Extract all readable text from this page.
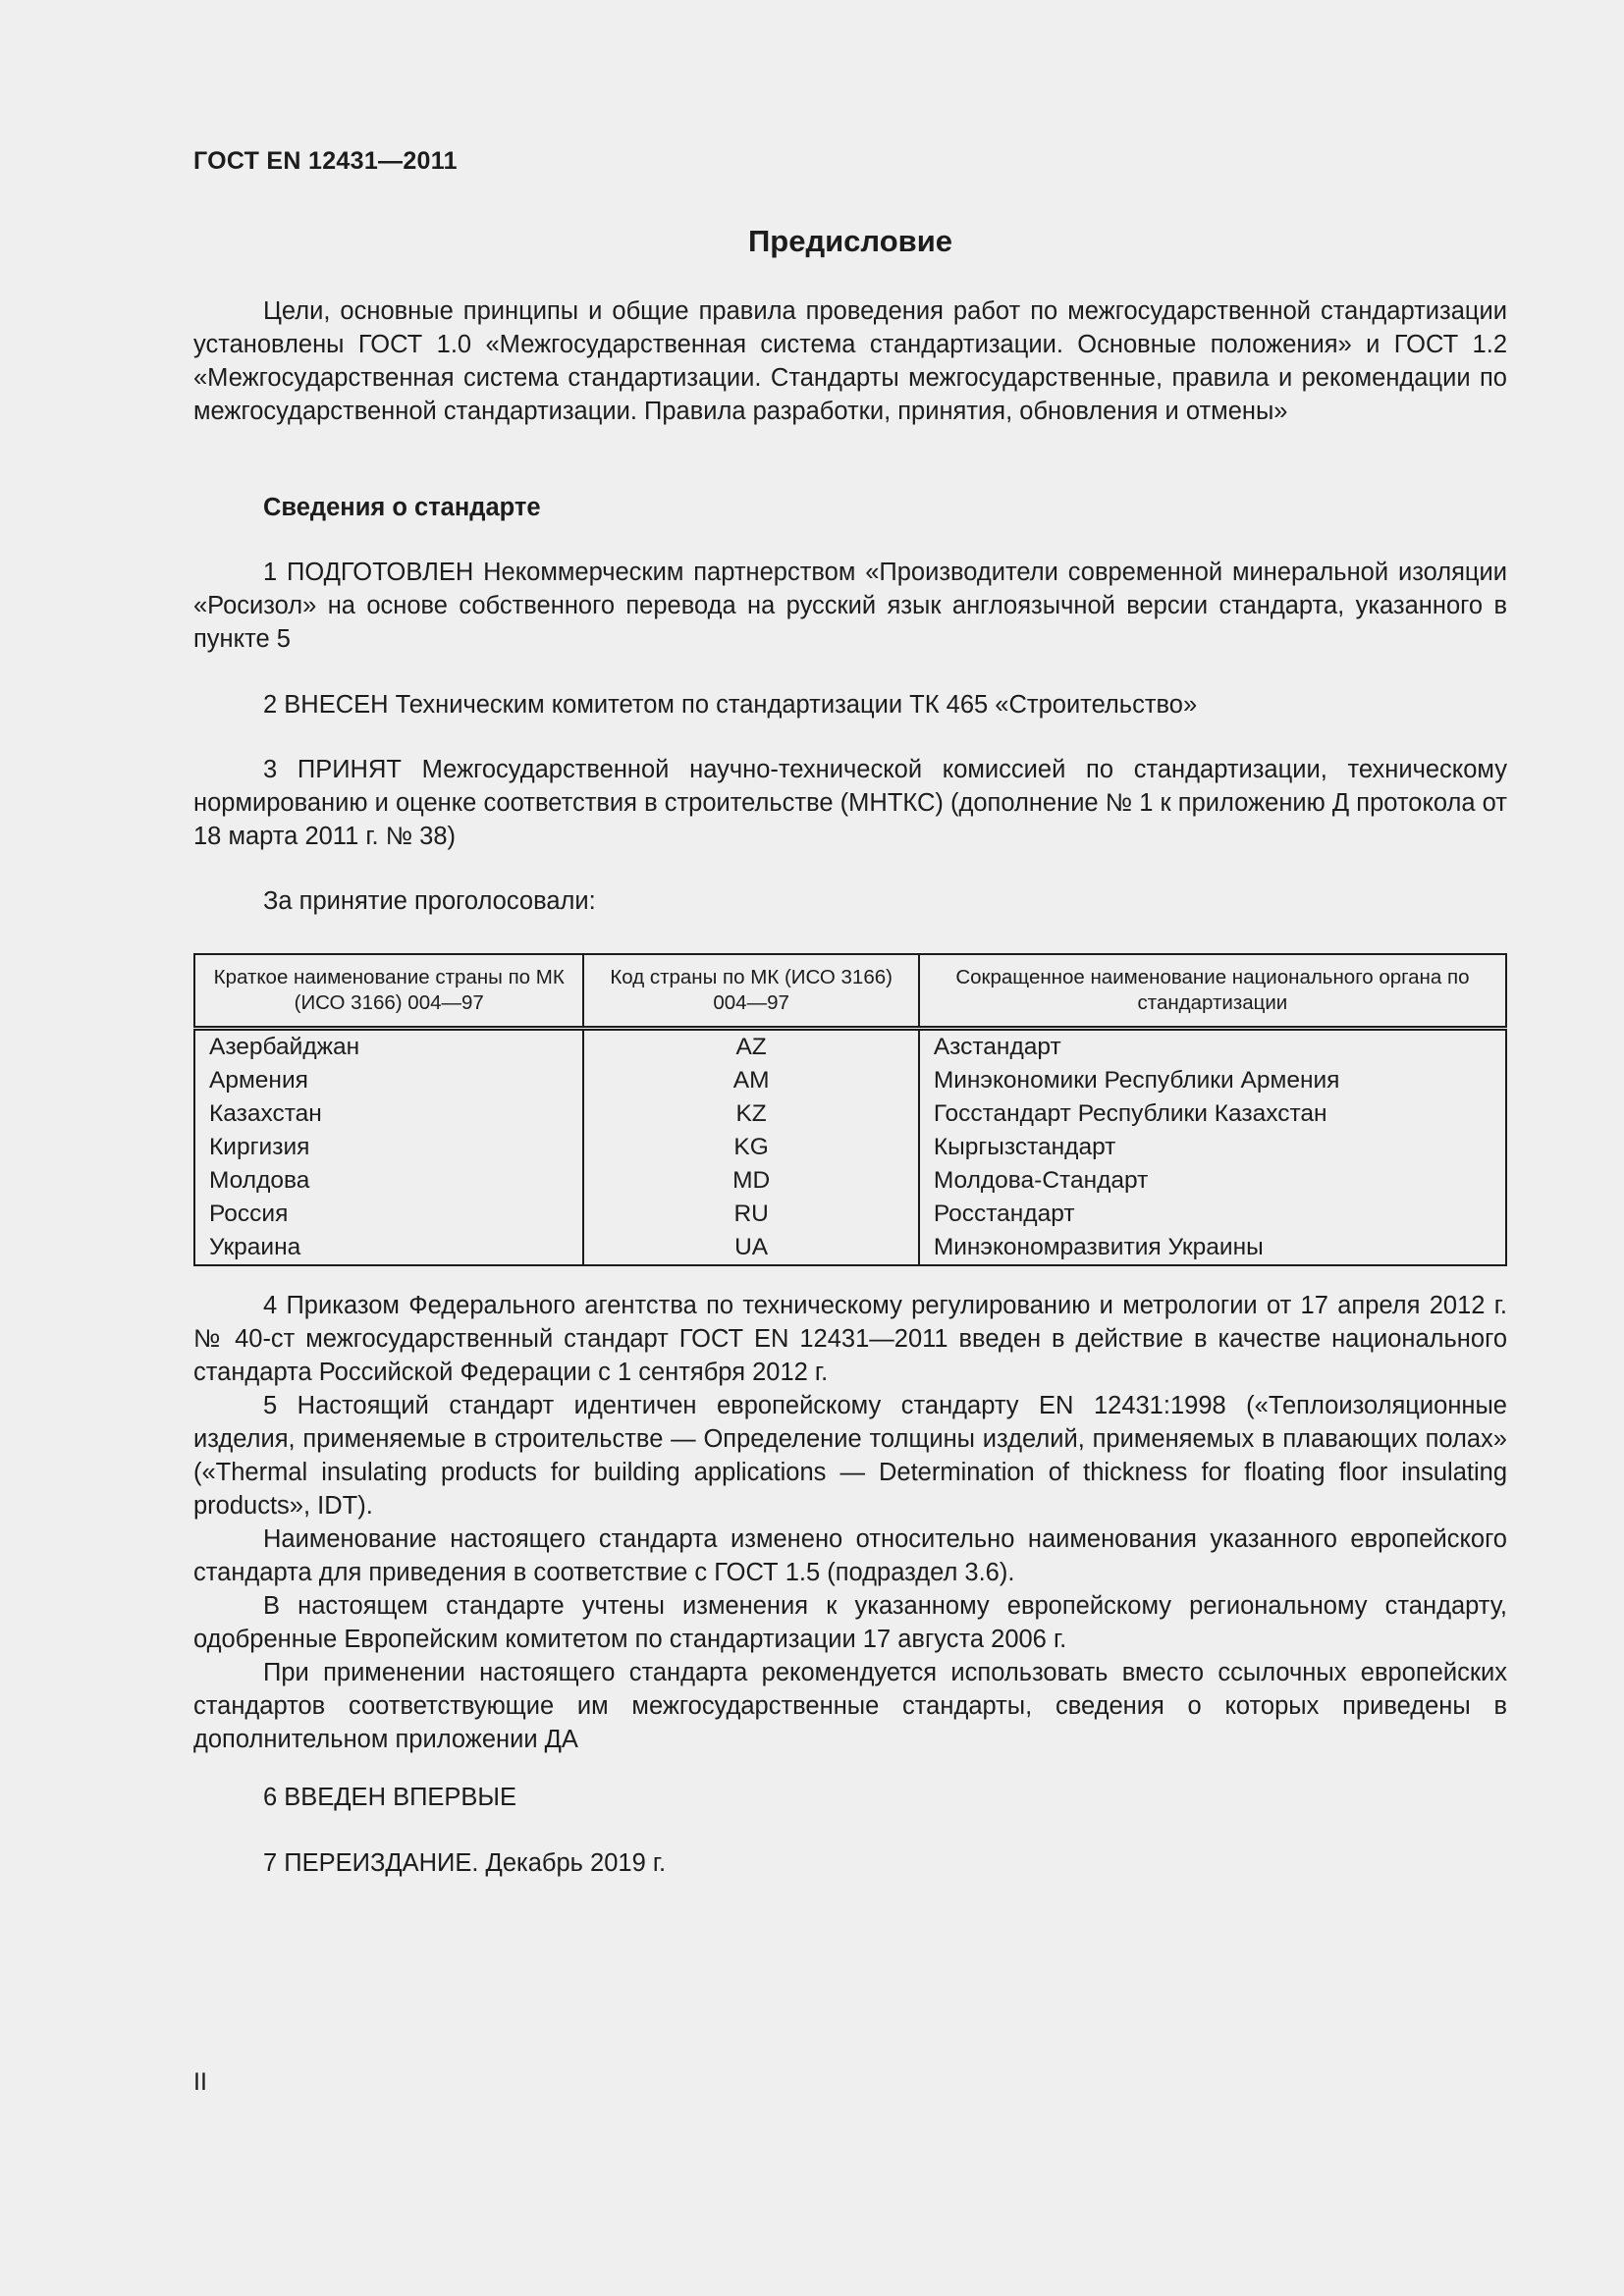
ГОСТ EN 12431—2011
Предисловие

Цели, основные принципы и общие правила проведения работ по межгосударственной стандартизации установлены ГОСТ 1.0 «Межгосударственная система стандартизации. Основные положения» и ГОСТ 1.2 «Межгосударственная система стандартизации. Стандарты межгосударственные, правила и рекомендации по межгосударственной стандартизации. Правила разработки, принятия, обновления и отмены»

Сведения о стандарте

1 ПОДГОТОВЛЕН Некоммерческим партнерством «Производители современной минеральной изоляции «Росизол» на основе собственного перевода на русский язык англоязычной версии стандарта, указанного в пункте 5

2 ВНЕСЕН Техническим комитетом по стандартизации ТК 465 «Строительство»

3 ПРИНЯТ Межгосударственной научно-технической комиссией по стандартизации, техническому нормированию и оценке соответствия в строительстве (МНТКС) (дополнение № 1 к приложению Д протокола от 18 марта 2011 г. № 38)

За принятие проголосовали:

Краткое наименование страны по МК (ИСО 3166) 004—97	Код страны по МК (ИСО 3166) 004—97	Сокращенное наименование национального органа по стандартизации
Азербайджан	AZ	Азстандарт
Армения	AM	Минэкономики Республики Армения
Казахстан	KZ	Госстандарт Республики Казахстан
Киргизия	KG	Кыргызстандарт
Молдова	MD	Молдова-Стандарт
Россия	RU	Росстандарт
Украина	UA	Минэкономразвития Украины

4 Приказом Федерального агентства по техническому регулированию и метрологии от 17 апреля 2012 г. № 40-ст межгосударственный стандарт ГОСТ EN 12431—2011 введен в действие в качестве национального стандарта Российской Федерации с 1 сентября 2012 г.

5 Настоящий стандарт идентичен европейскому стандарту EN 12431:1998 («Теплоизоляционные изделия, применяемые в строительстве — Определение толщины изделий, применяемых в плавающих полах» («Thermal insulating products for building applications — Determination of thickness for floating floor insulating products», IDT).

Наименование настоящего стандарта изменено относительно наименования указанного европейского стандарта для приведения в соответствие с ГОСТ 1.5 (подраздел 3.6).

В настоящем стандарте учтены изменения к указанному европейскому региональному стандарту, одобренные Европейским комитетом по стандартизации 17 августа 2006 г.

При применении настоящего стандарта рекомендуется использовать вместо ссылочных европейских стандартов соответствующие им межгосударственные стандарты, сведения о которых приведены в дополнительном приложении ДА

6 ВВЕДЕН ВПЕРВЫЕ

7 ПЕРЕИЗДАНИЕ. Декабрь 2019 г.

II
